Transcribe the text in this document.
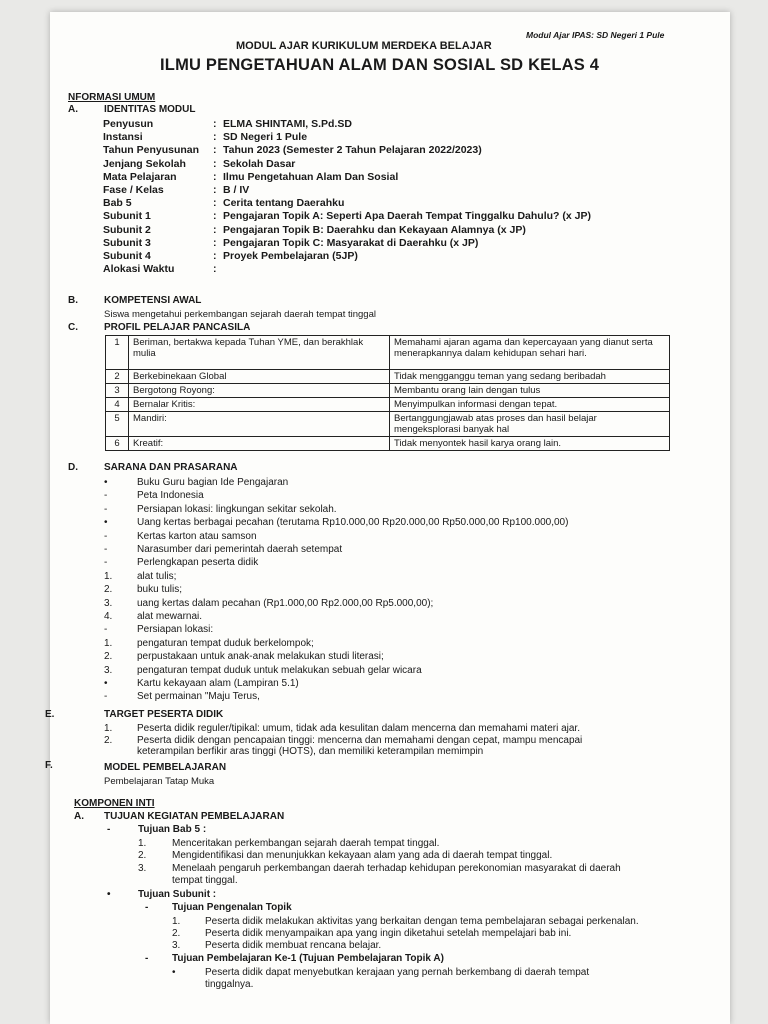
Modul Ajar IPAS: SD Negeri 1 Pule
MODUL AJAR KURIKULUM MERDEKA BELAJAR
ILMU PENGETAHUAN ALAM DAN SOSIAL SD KELAS 4
NFORMASI UMUM
A.	IDENTITAS MODUL
Penyusun	: ELMA SHINTAMI, S.Pd.SD
Instansi	: SD Negeri 1 Pule
Tahun Penyusunan : Tahun 2023 (Semester 2 Tahun Pelajaran 2022/2023)
Jenjang Sekolah	: Sekolah Dasar
Mata Pelajaran	: Ilmu Pengetahuan Alam Dan Sosial
Fase / Kelas	: B / IV
Bab 5	: Cerita tentang Daerahku
Subunit 1	: Pengajaran Topik A: Seperti Apa Daerah Tempat Tinggalku Dahulu? (x JP)
Subunit 2	: Pengajaran Topik B: Daerahku dan Kekayaan Alamnya (x JP)
Subunit 3	: Pengajaran Topik C: Masyarakat di Daerahku (x JP)
Subunit 4	: Proyek Pembelajaran (5JP)
Alokasi Waktu	:
B.	KOMPETENSI AWAL
Siswa mengetahui perkembangan sejarah daerah tempat tinggal
C.	PROFIL PELAJAR PANCASILA
1	Beriman, bertakwa kepada Tuhan YME, dan berakhlak mulia	Memahami ajaran agama dan kepercayaan yang dianut serta menerapkannya dalam kehidupan sehari hari.
2	Berkebinekaan Global	Tidak mengganggu teman yang sedang beribadah
3	Bergotong Royong:	Membantu orang lain dengan tulus
4	Bernalar Kritis:	Menyimpulkan informasi dengan tepat.
5	Mandiri:	Bertanggungjawab atas proses dan hasil belajar mengeksplorasi banyak hal
6	Kreatif:	Tidak menyontek hasil karya orang lain.
D.	SARANA DAN PRASARANA
•	Buku Guru bagian Ide Pengajaran
-	Peta Indonesia
-	Persiapan lokasi: lingkungan sekitar sekolah.
•	Uang kertas berbagai pecahan (terutama Rp10.000,00 Rp20.000,00 Rp50.000,00 Rp100.000,00)
-	Kertas karton atau samson
-	Narasumber dari pemerintah daerah setempat
-	Perlengkapan peserta didik
1. alat tulis;
2. buku tulis;
3. uang kertas dalam pecahan (Rp1.000,00 Rp2.000,00 Rp5.000,00);
4. alat mewarnai.
-	Persiapan lokasi:
1. pengaturan tempat duduk berkelompok;
2. perpustakaan untuk anak-anak melakukan studi literasi;
3. pengaturan tempat duduk untuk melakukan sebuah gelar wicara
•	Kartu kekayaan alam (Lampiran 5.1)
-	Set permainan "Maju Terus,
E.	TARGET PESERTA DIDIK
1. Peserta didik reguler/tipikal: umum, tidak ada kesulitan dalam mencerna dan memahami materi ajar.
2. Peserta didik dengan pencapaian tinggi: mencerna dan memahami dengan cepat, mampu mencapai
keterampilan berfikir aras tinggi (HOTS), dan memiliki keterampilan memimpin
F.	MODEL PEMBELAJARAN
Pembelajaran Tatap Muka
KOMPONEN INTI
A. TUJUAN KEGIATAN PEMBELAJARAN
-	Tujuan Bab 5 :
1.	Menceritakan perkembangan sejarah daerah tempat tinggal.
2.	Mengidentifikasi dan menunjukkan kekayaan alam yang ada di daerah tempat tinggal.
3.	Menelaah pengaruh perkembangan daerah terhadap kehidupan perekonomian masyarakat di daerah
tempat tinggal.
•	Tujuan Subunit :
- Tujuan Pengenalan Topik
1. Peserta didik melakukan aktivitas yang berkaitan dengan tema pembelajaran sebagai perkenalan.
2. Peserta didik menyampaikan apa yang ingin diketahui setelah mempelajari bab ini.
3. Peserta didik membuat rencana belajar.
- Tujuan Pembelajaran Ke-1 (Tujuan Pembelajaran Topik A)
•	Peserta didik dapat menyebutkan kerajaan yang pernah berkembang di daerah tempat
tinggalnya.
